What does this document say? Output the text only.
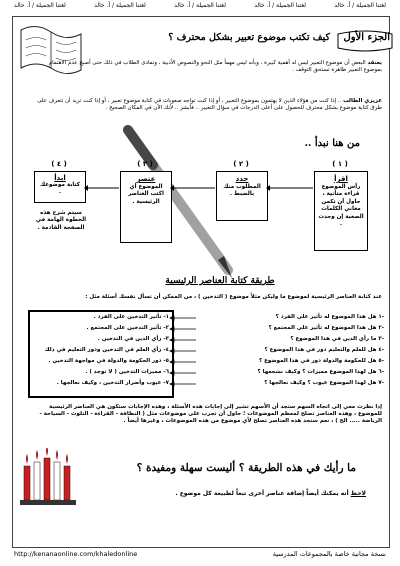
لغتنا الجميلة / أ. خالد
لغتنا الجميلة / أ. خالد
لغتنا الجميلة / أ. خالد
لغتنا الجميلة / أ. خالد
لغتنا الجميلة / أ. خالد
الجزء الأول
كيف تكتب موضوع تعبير بشكل محترف ؟
يعتقد البعض أن موضوع التعبير ليس له أهمية كبيرة ، وبأنه ليس مهماً مثل النحو والنصوص الأدبية ، وتمادى الطلاب في ذلك حتى أصبح عدم الاهتمام بموضوع التعبير ظاهرة تستحق التوقف .
عزيزي الطالب .. إذا كنت من هؤلاء الذين لا يهتمون بموضوع التعبير ، أو إذا كنت تواجه صعوبات في كتابة موضوع تعبير ، أو إذا كنت تريد أن تتعرف على طرق كتابة موضوع بشكل محترف للحصول على أعلى الدرجات في سؤال التعبير .. فأبشر .. لأنك الآن في المكان الصحيح .
من هنا نبدأ ..
( ١ )
اقرأ
رأس الموضوع قراءة متأنية ، حاول أن تكمن معاني الكلمات الصعبة إن وجدت .
( ٢ )
حدد
المطلوب منك بالضبط .
( ٣ )
عنصر
الموضوع أي اكتب العناصر الرئيسية .
( ٤ )
ابدأ
كتابة موضوعك .
سيتم شرح هذه الخطوة الهامة في الصفحة القادمة .
طريقة كتابة العناصر الرئيسية
عند كتابة العناصر الرئيسية لموضوع ما وليكن مثلاً موضوع ( التدخين ) ، من الممكن أن تسأل نفسك أسئلة مثل :
-١ هل هذا الموضوع له تأثير على الفرد ؟
-٢ هل هذا الموضوع له تأثير على المجتمع ؟
-٣ ما رأي الدين في هذا الموضوع ؟
-٤ هل للعلم والتعليم دور في هذا الموضوع ؟
-٥ هل للحكومة والدولة دور في هذا الموضوع ؟
-٦ هل لهذا الموضوع مميزات ؟ وكيف نشجعها ؟
-٧ هل لهذا الموضوع عيوب ؟ وكيف نعالجها ؟
١- تأثير التدخين على الفرد .
٢- تأثير التدخين على المجتمع .
٣- رأي الدين في التدخين .
٤- رأي العلم في التدخين ودور التعليم في ذلك
٥- دور الحكومة والدولة في مواجهة التدخين .
٦- مميزات التدخين ( لا توجد ) .
٧- عيوب وأضرار التدخين ، وكيف نعالجها .
إذا نظرت معي إلى اتجاه السهم ستجد أن الأسهم تشير إلى إجابات هذه الأسئلة ، وهذه الإجابات ستكون هي العناصر الرئيسية للموضوع ، وهذه العناصر تصلح لمعظم الموضوعات ؛ حاول أن تجرب على موضوعات مثل ( النظافة - القراءة - التلوث - السياحة - الرياضة ..... الخ ) ، نعم ستجد هذه العناصر تصلح لأي موضوع من هذه الموضوعات ، وغيرها أيضاً .
ما رأيك في هذه الطريقة ؟ أليست سهلة ومفيدة ؟
لاحظ أنه يمكنك أيضاً إضافة عناصر أخرى تبعاً لطبيعة كل موضوع .
http://kenanaonline.com/khaledonline	نسخة مجانية خاصة بالمجموعات المدرسية
